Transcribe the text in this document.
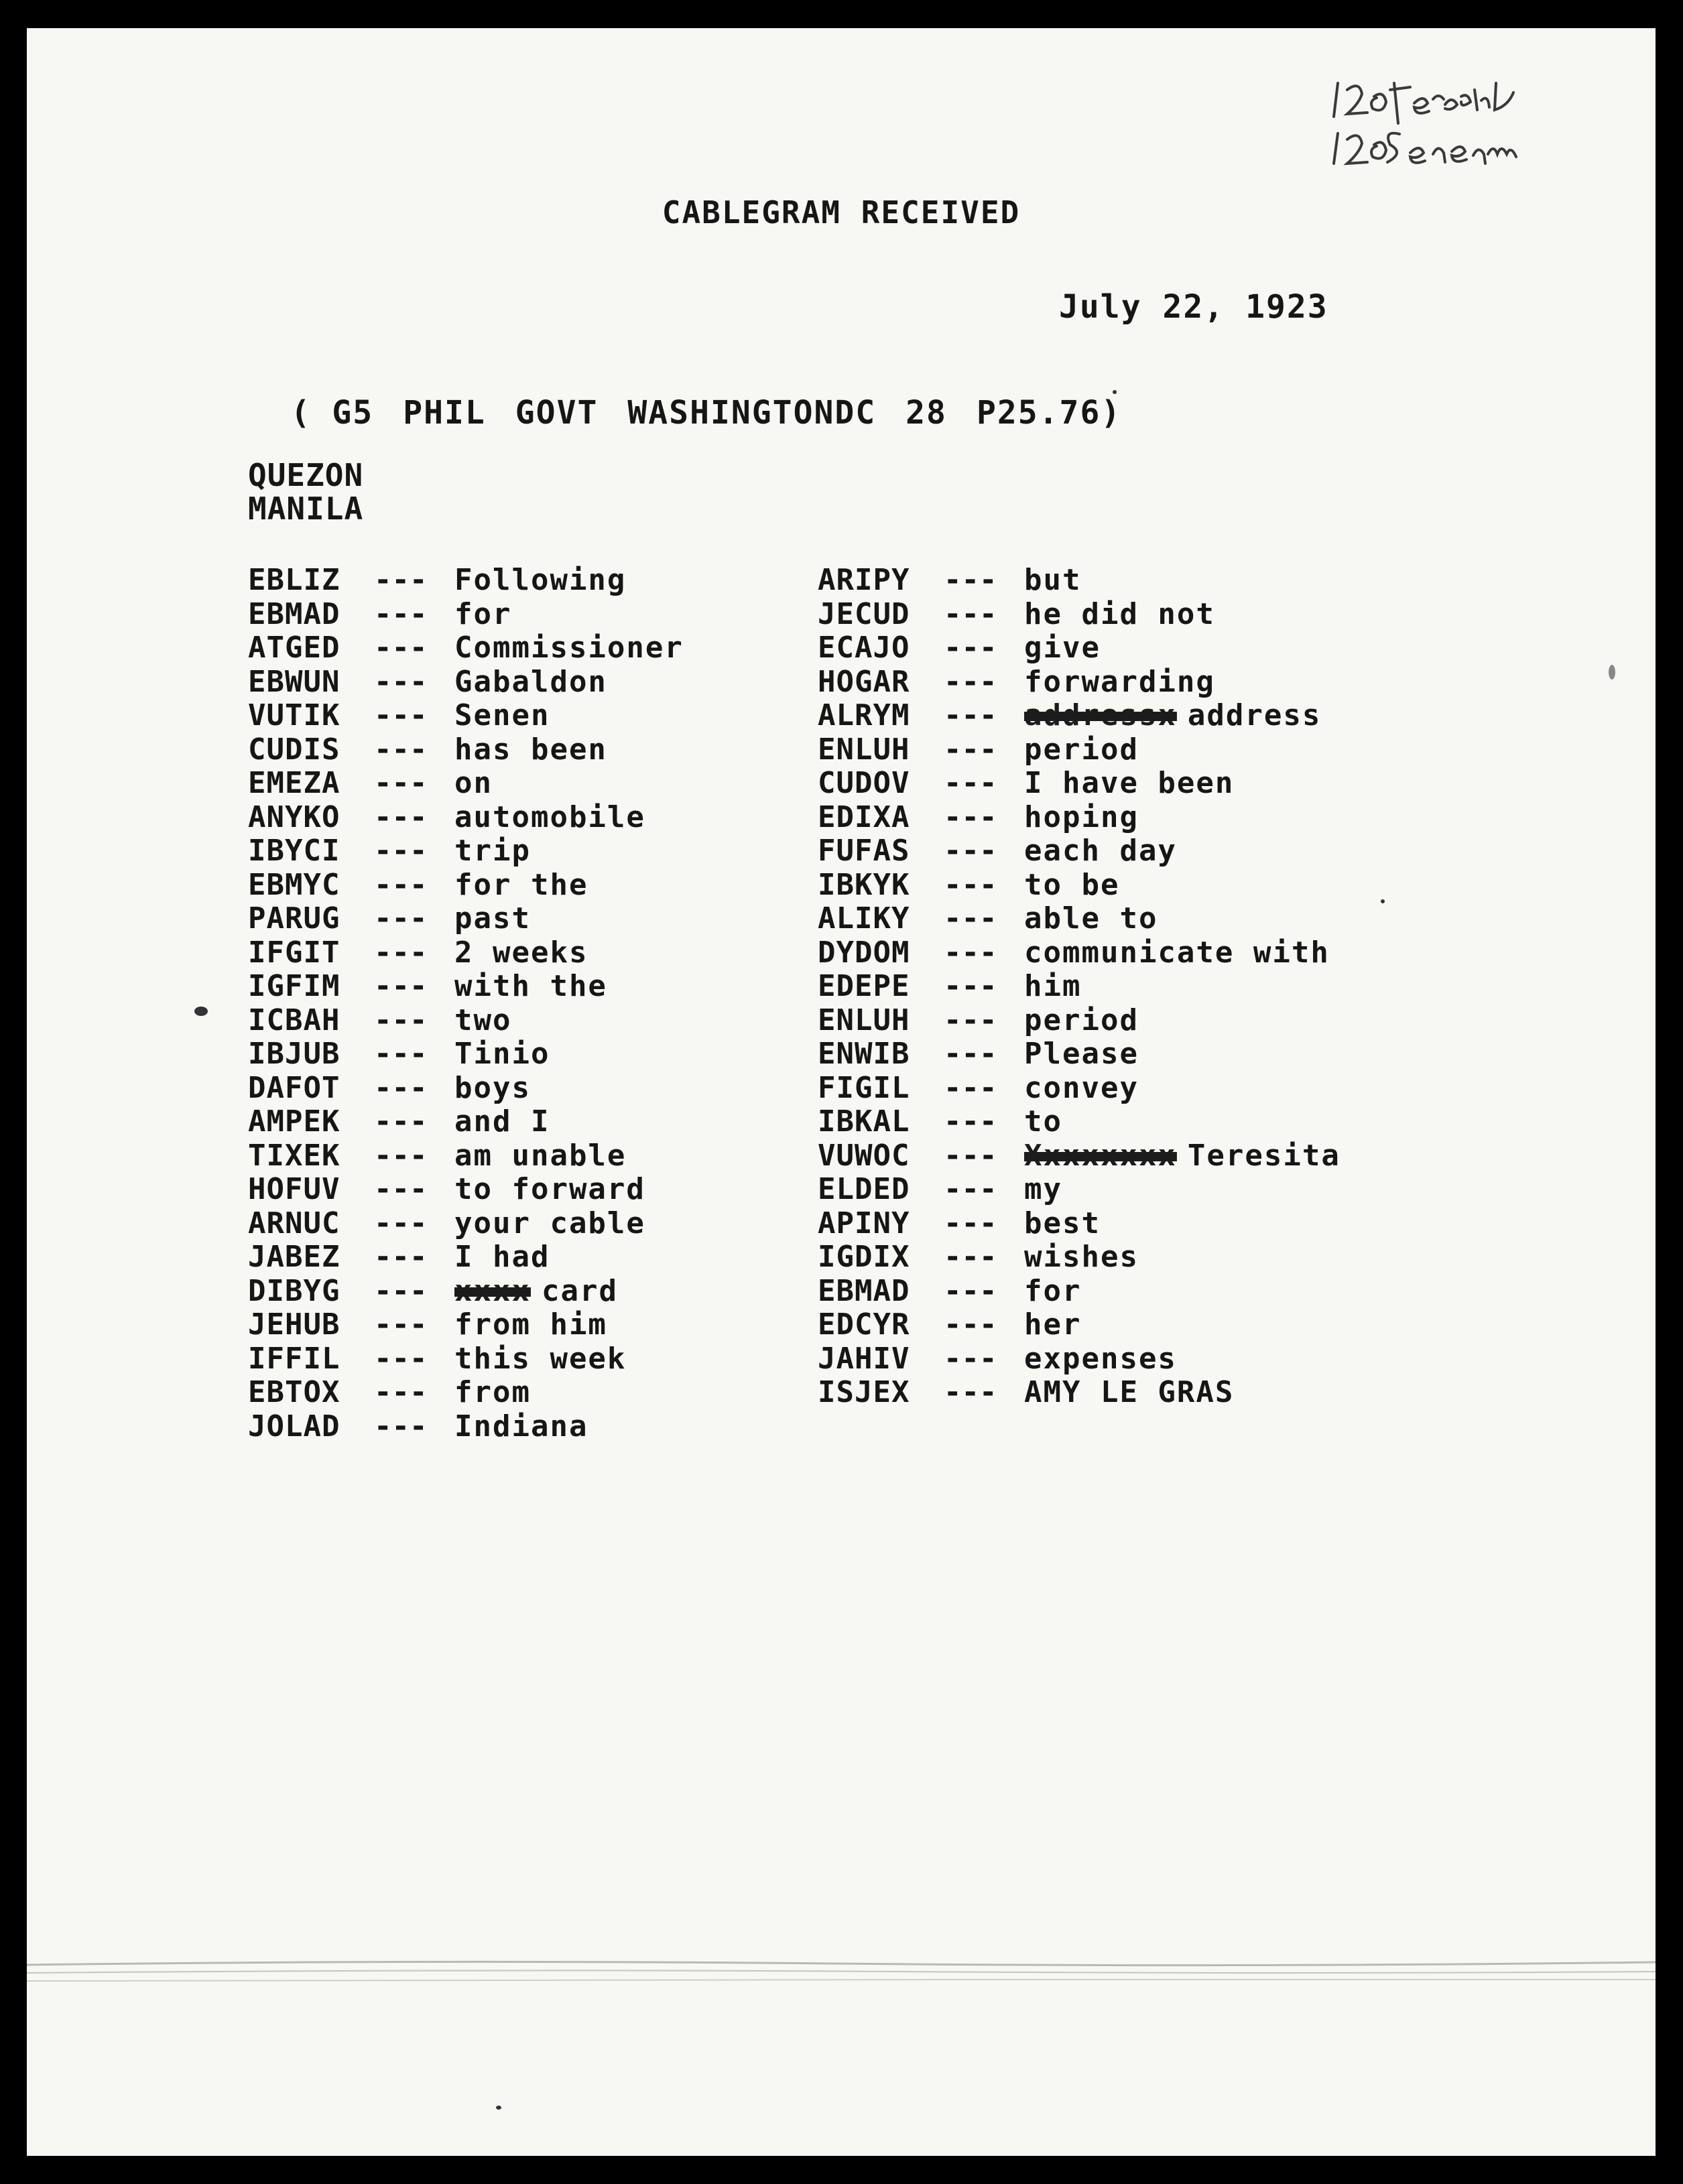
CABLEGRAM RECEIVED
July 22, 1923

( G5 PHIL GOVT WASHINGTONDC 28 P25.76)

QUEZON
MANILA
EBLIZ --- Following
EBMAD --- for
ATGED --- Commissioner
EBWUN --- Gabaldon
VUTIK --- Senen
CUDIS --- has been
EMEZA --- on
ANYKO --- automobile
IBYCI --- trip
EBMYC --- for the
PARUG --- past
IFGIT --- 2 weeks
IGFIM --- with the
ICBAH --- two
IBJUB --- Tinio
DAFOT --- boys
AMPEK --- and I
TIXEK --- am unable
HOFUV --- to forward
ARNUC --- your cable
JABEZ --- I had
DIBYG --- xxxx card
JEHUB --- from him
IFFIL --- this week
EBTOX --- from
JOLAD --- Indiana
ARIPY --- but
JECUD --- he did not
ECAJO --- give
HOGAR --- forwarding
ALRYM --- addressx address
ENLUH --- period
CUDOV --- I have been
EDIXA --- hoping
FUFAS --- each day
IBKYK --- to be
ALIKY --- able to
DYDOM --- communicate with
EDEPE --- him
ENLUH --- period
ENWIB --- Please
FIGIL --- convey
IBKAL --- to
VUWOC --- Xxxxxxxx Teresita
ELDED --- my
APINY --- best
IGDIX --- wishes
EBMAD --- for
EDCYR --- her
JAHIV --- expenses
ISJEX --- AMY LE GRAS
